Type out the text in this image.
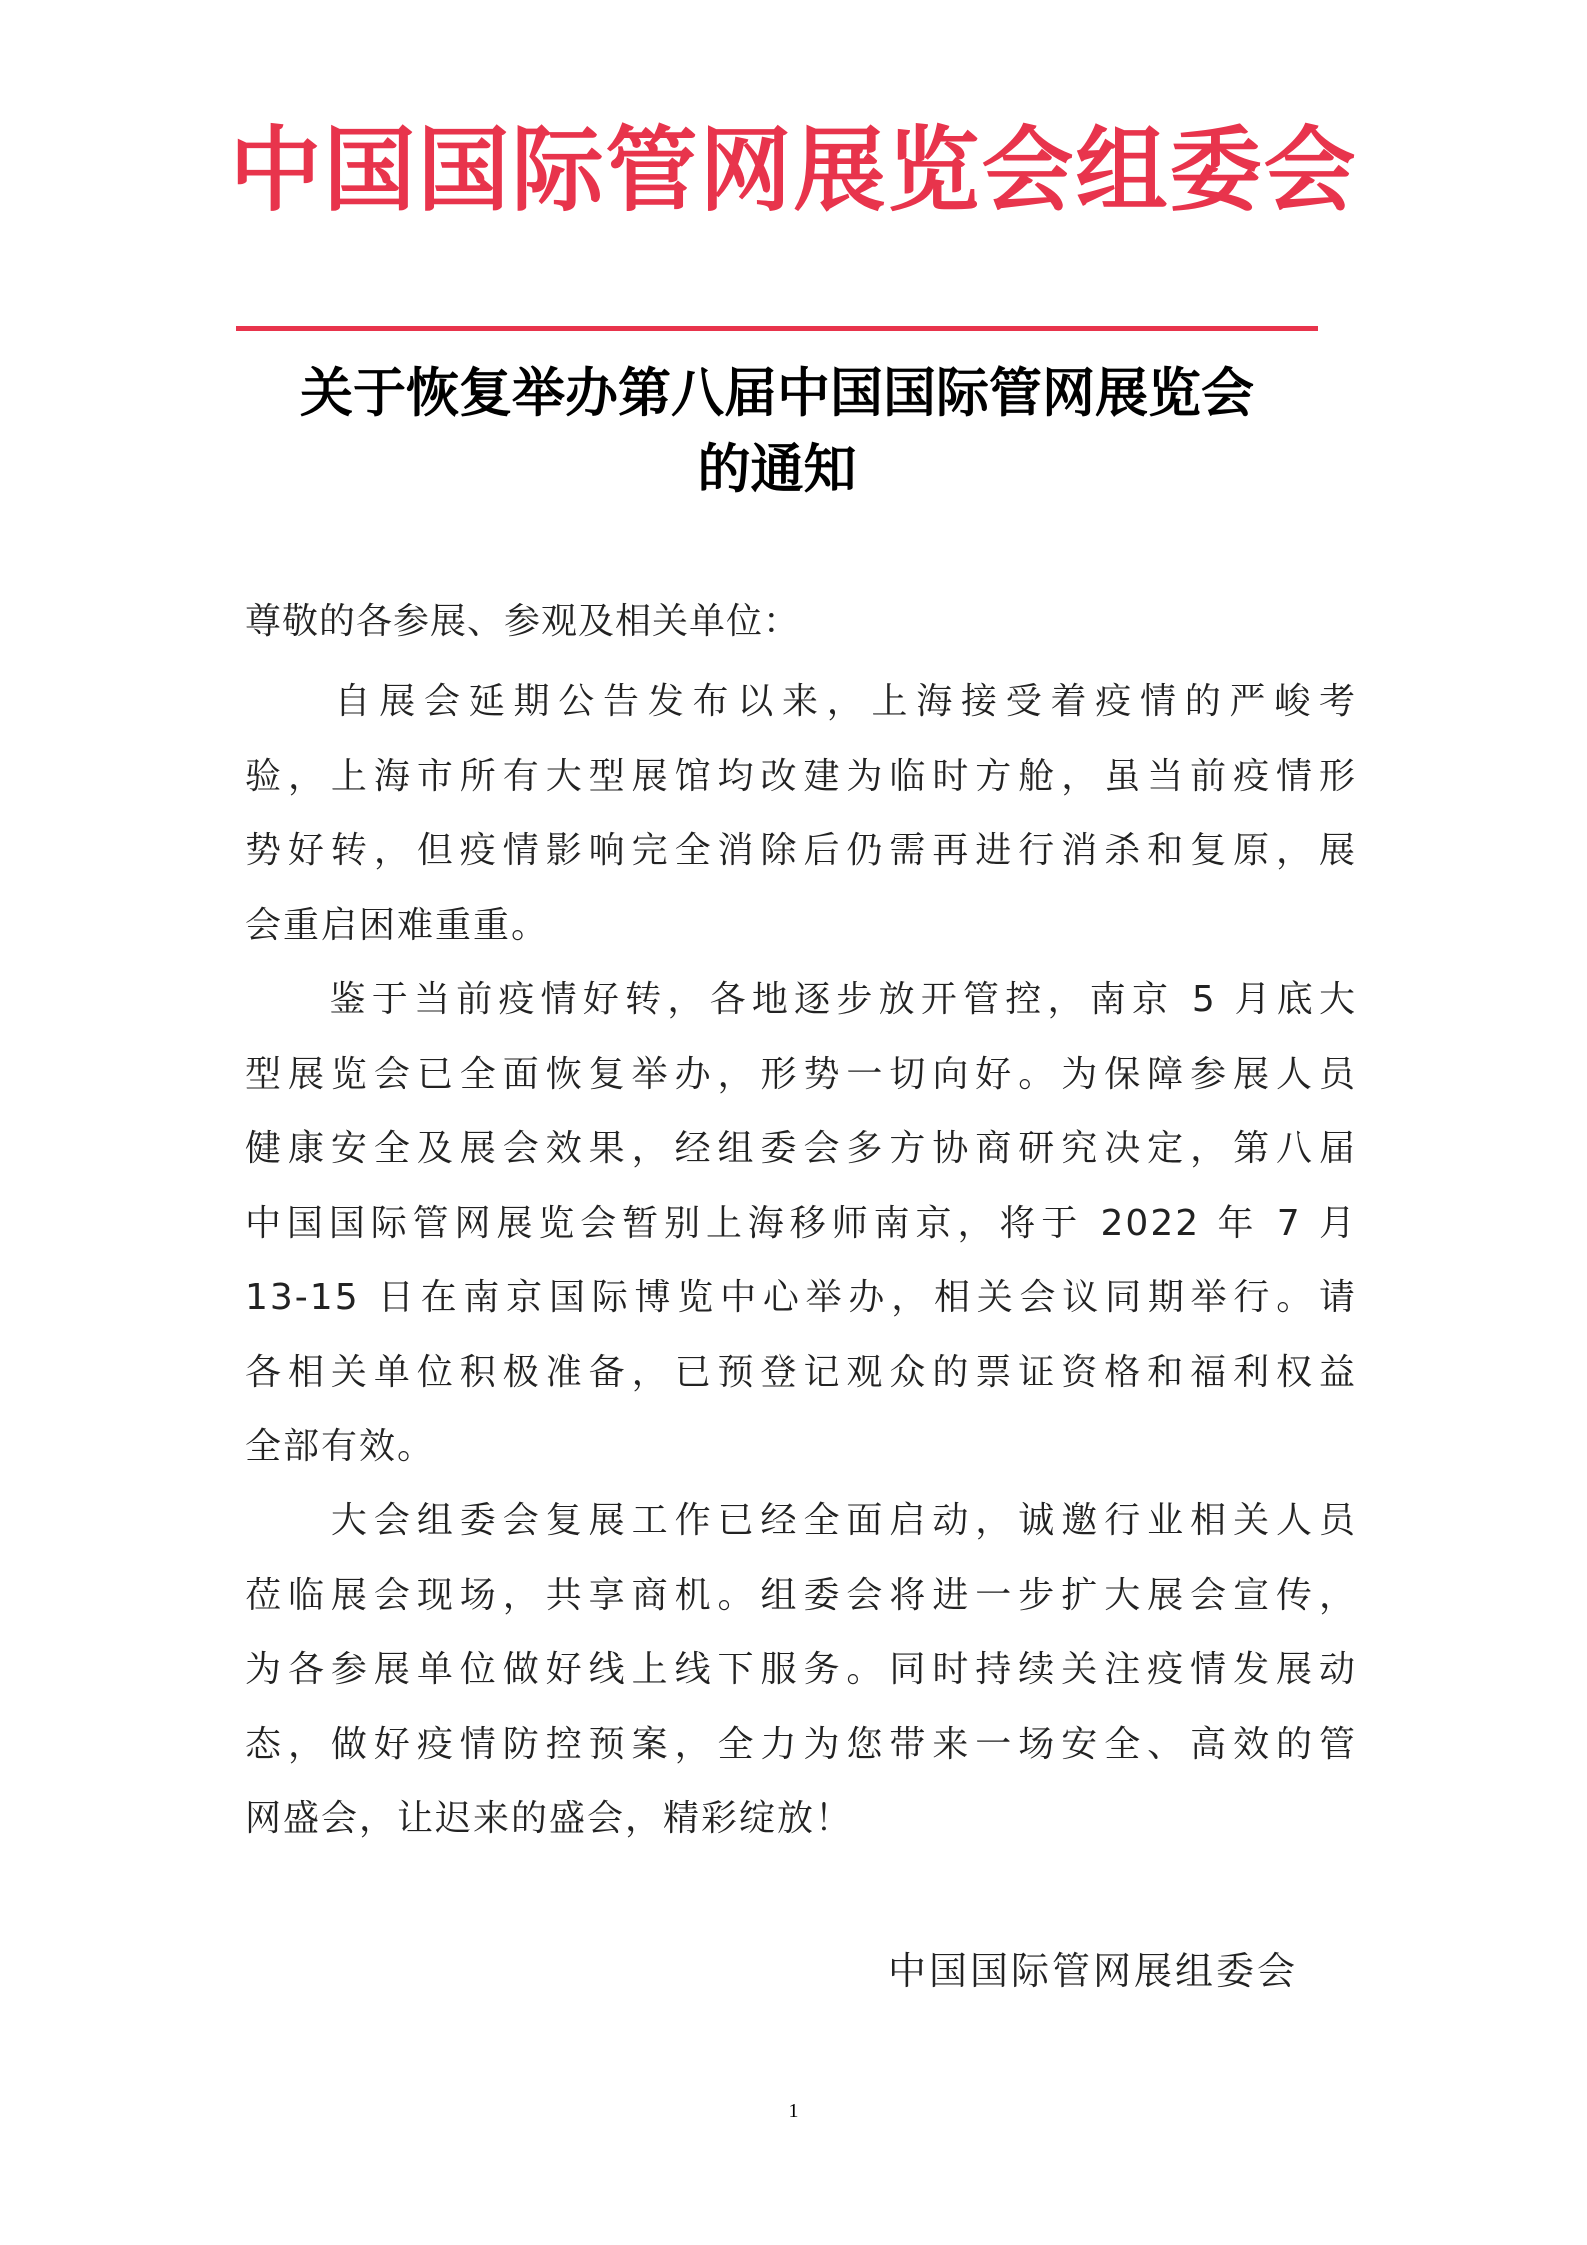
中国国际管网展览会组委会
关于恢复举办第八届中国国际管网展览会
的通知
尊敬的各参展、参观及相关单位：
　　自展会延期公告发布以来，上海接受着疫情的严峻考
验，上海市所有大型展馆均改建为临时方舱，虽当前疫情形
势好转，但疫情影响完全消除后仍需再进行消杀和复原，展
会重启困难重重。
　　鉴于当前疫情好转，各地逐步放开管控，南京 5 月底大
型展览会已全面恢复举办，形势一切向好。为保障参展人员
健康安全及展会效果，经组委会多方协商研究决定，第八届
中国国际管网展览会暂别上海移师南京，将于 2022 年 7 月
13-15 日在南京国际博览中心举办，相关会议同期举行。请
各相关单位积极准备，已预登记观众的票证资格和福利权益
全部有效。
　　大会组委会复展工作已经全面启动，诚邀行业相关人员
莅临展会现场，共享商机。组委会将进一步扩大展会宣传，
为各参展单位做好线上线下服务。同时持续关注疫情发展动
态，做好疫情防控预案，全力为您带来一场安全、高效的管
网盛会，让迟来的盛会，精彩绽放！
中国国际管网展组委会
1
